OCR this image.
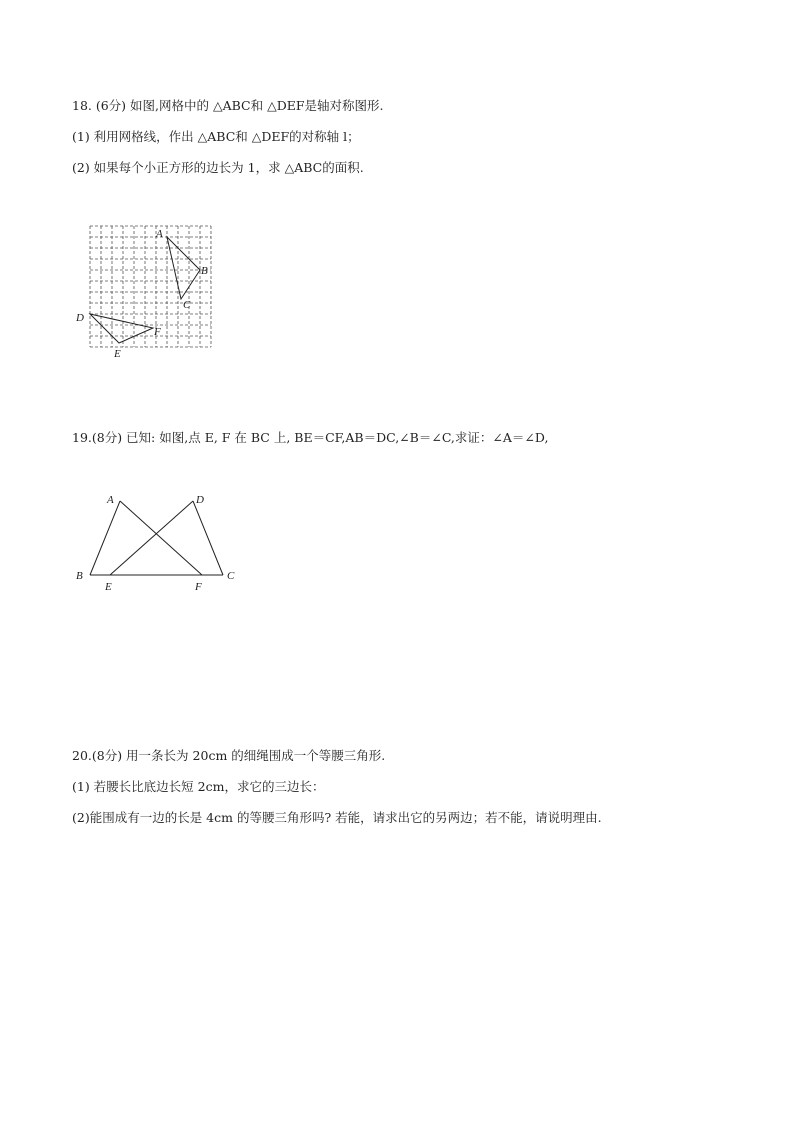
18. (6分) 如图,网格中的 △ABC和 △DEF是轴对称图形.
(1) 利用网格线，作出 △ABC和 △DEF的对称轴 l；
(2) 如果每个小正方形的边长为 1，求 △ABC的面积.
A
B
C
D
E
F
19.(8分) 已知: 如图,点 E, F 在 BC 上, BE＝CF,AB＝DC,∠B＝∠C,求证：∠A＝∠D,
A	D
B	C
E	F
20.(8分) 用一条长为 20cm 的细绳围成一个等腰三角形.
(1) 若腰长比底边长短 2cm，求它的三边长：
(2)能围成有一边的长是 4cm 的等腰三角形吗? 若能，请求出它的另两边；若不能，请说明理由.
